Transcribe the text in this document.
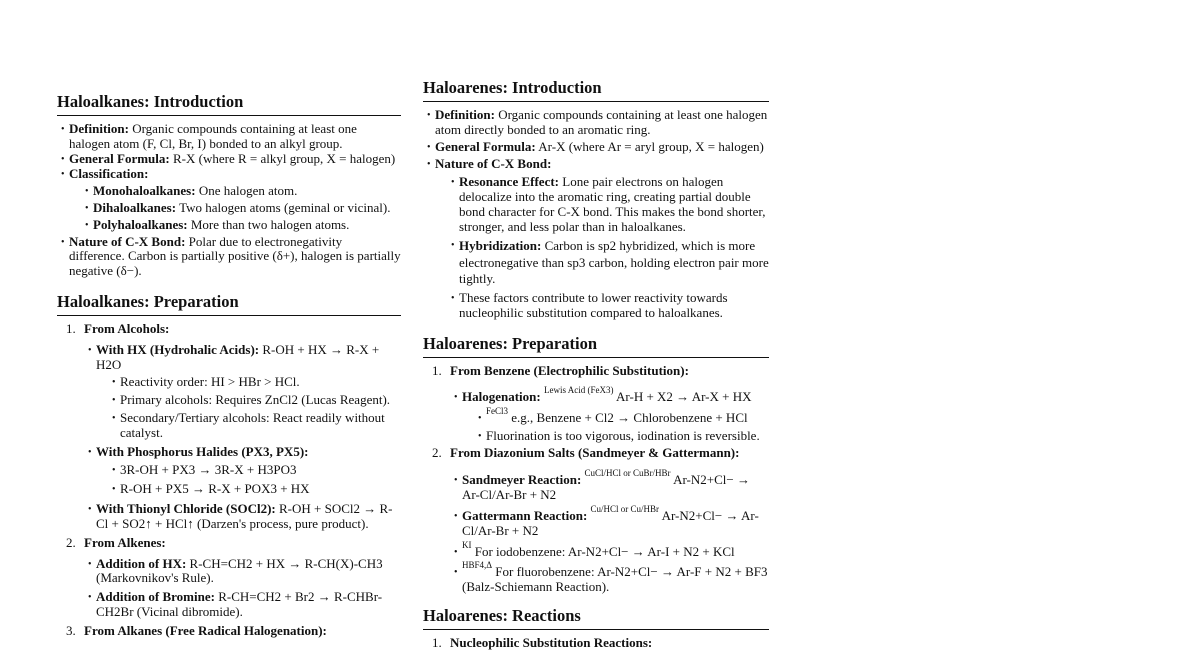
Haloalkanes: Introduction
• Definition: Organic compounds containing at least one halogen atom (F, Cl, Br, I) bonded to an alkyl group.
• General Formula: R-X (where R = alkyl group, X = halogen)
• Classification:
• Monohaloalkanes: One halogen atom.
• Dihaloalkanes: Two halogen atoms (geminal or vicinal).
• Polyhaloalkanes: More than two halogen atoms.
• Nature of C-X Bond: Polar due to electronegativity difference. Carbon is partially positive (δ+), halogen is partially negative (δ−).
Haloalkanes: Preparation
1. From Alcohols:
• With HX (Hydrohalic Acids): R-OH + HX → R-X + H2O
• Reactivity order: HI > HBr > HCl.
• Primary alcohols: Requires ZnCl2 (Lucas Reagent).
• Secondary/Tertiary alcohols: React readily without catalyst.
• With Phosphorus Halides (PX3, PX5):
• 3R-OH + PX3 → 3R-X + H3PO3
• R-OH + PX5 → R-X + POX3 + HX
• With Thionyl Chloride (SOCl2): R-OH + SOCl2 → R-Cl + SO2↑ + HCl↑ (Darzen's process, pure product).
2. From Alkenes:
• Addition of HX: R-CH=CH2 + HX → R-CH(X)-CH3 (Markovnikov's Rule).
• Addition of Bromine: R-CH=CH2 + Br2 → R-CHBr-CH2Br (Vicinal dibromide).
3. From Alkanes (Free Radical Halogenation):
Haloarenes: Introduction
• Definition: Organic compounds containing at least one halogen atom directly bonded to an aromatic ring.
• General Formula: Ar-X (where Ar = aryl group, X = halogen)
• Nature of C-X Bond:
• Resonance Effect: Lone pair electrons on halogen delocalize into the aromatic ring, creating partial double bond character for C-X bond. This makes the bond shorter, stronger, and less polar than in haloalkanes.
• Hybridization: Carbon is sp2 hybridized, which is more electronegative than sp3 carbon, holding electron pair more tightly.
• These factors contribute to lower reactivity towards nucleophilic substitution compared to haloalkanes.
Haloarenes: Preparation
1. From Benzene (Electrophilic Substitution):
• Halogenation: $^{Lewis Acid (FeX3)}$ Ar-H + X2 → Ar-X + HX
• $^{FeCl3}$ e.g., Benzene + Cl2 → Chlorobenzene + HCl
• Fluorination is too vigorous, iodination is reversible.
2. From Diazonium Salts (Sandmeyer & Gattermann):
• Sandmeyer Reaction: $^{CuCl/HCl or CuBr/HBr}$ Ar-N2+Cl− → Ar-Cl/Ar-Br + N2
• Gattermann Reaction: $^{Cu/HCl or Cu/HBr}$ Ar-N2+Cl− → Ar-Cl/Ar-Br + N2
• $^{KI}$ For iodobenzene: Ar-N2+Cl− → Ar-I + N2 + KCl
• $^{HBF4,\Delta}$ For fluorobenzene: Ar-N2+Cl− → Ar-F + N2 + BF3 (Balz-Schiemann Reaction).
Haloarenes: Reactions
1. Nucleophilic Substitution Reactions:
